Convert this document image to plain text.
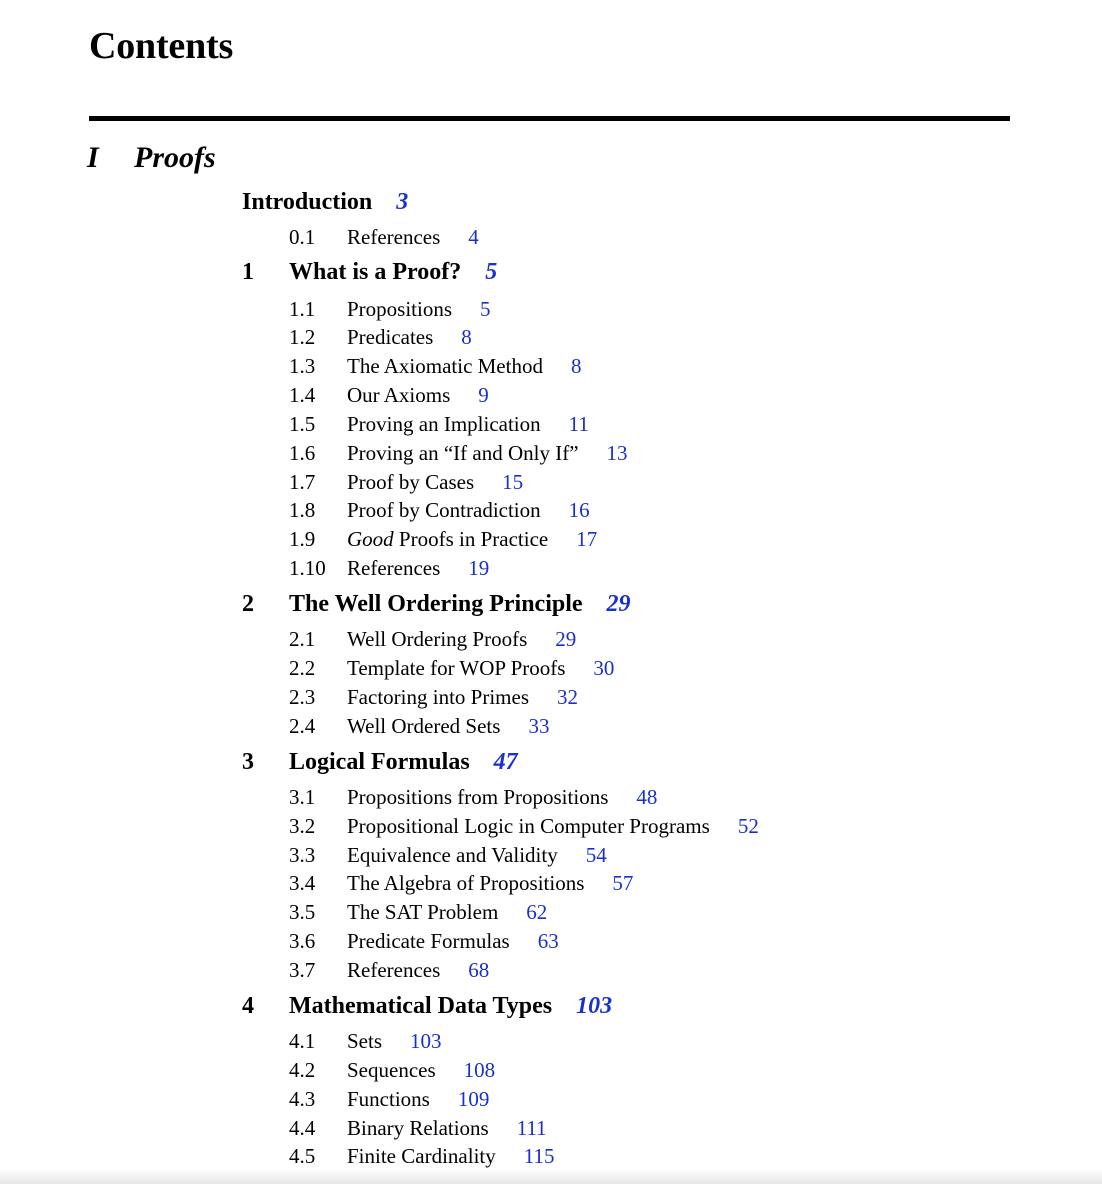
Contents
I Proofs
Introduction 3
0.1 References 4
1 What is a Proof? 5
1.1 Propositions 5
1.2 Predicates 8
1.3 The Axiomatic Method 8
1.4 Our Axioms 9
1.5 Proving an Implication 11
1.6 Proving an “If and Only If” 13
1.7 Proof by Cases 15
1.8 Proof by Contradiction 16
1.9 Good Proofs in Practice 17
1.10 References 19
2 The Well Ordering Principle 29
2.1 Well Ordering Proofs 29
2.2 Template for WOP Proofs 30
2.3 Factoring into Primes 32
2.4 Well Ordered Sets 33
3 Logical Formulas 47
3.1 Propositions from Propositions 48
3.2 Propositional Logic in Computer Programs 52
3.3 Equivalence and Validity 54
3.4 The Algebra of Propositions 57
3.5 The SAT Problem 62
3.6 Predicate Formulas 63
3.7 References 68
4 Mathematical Data Types 103
4.1 Sets 103
4.2 Sequences 108
4.3 Functions 109
4.4 Binary Relations 111
4.5 Finite Cardinality 115
